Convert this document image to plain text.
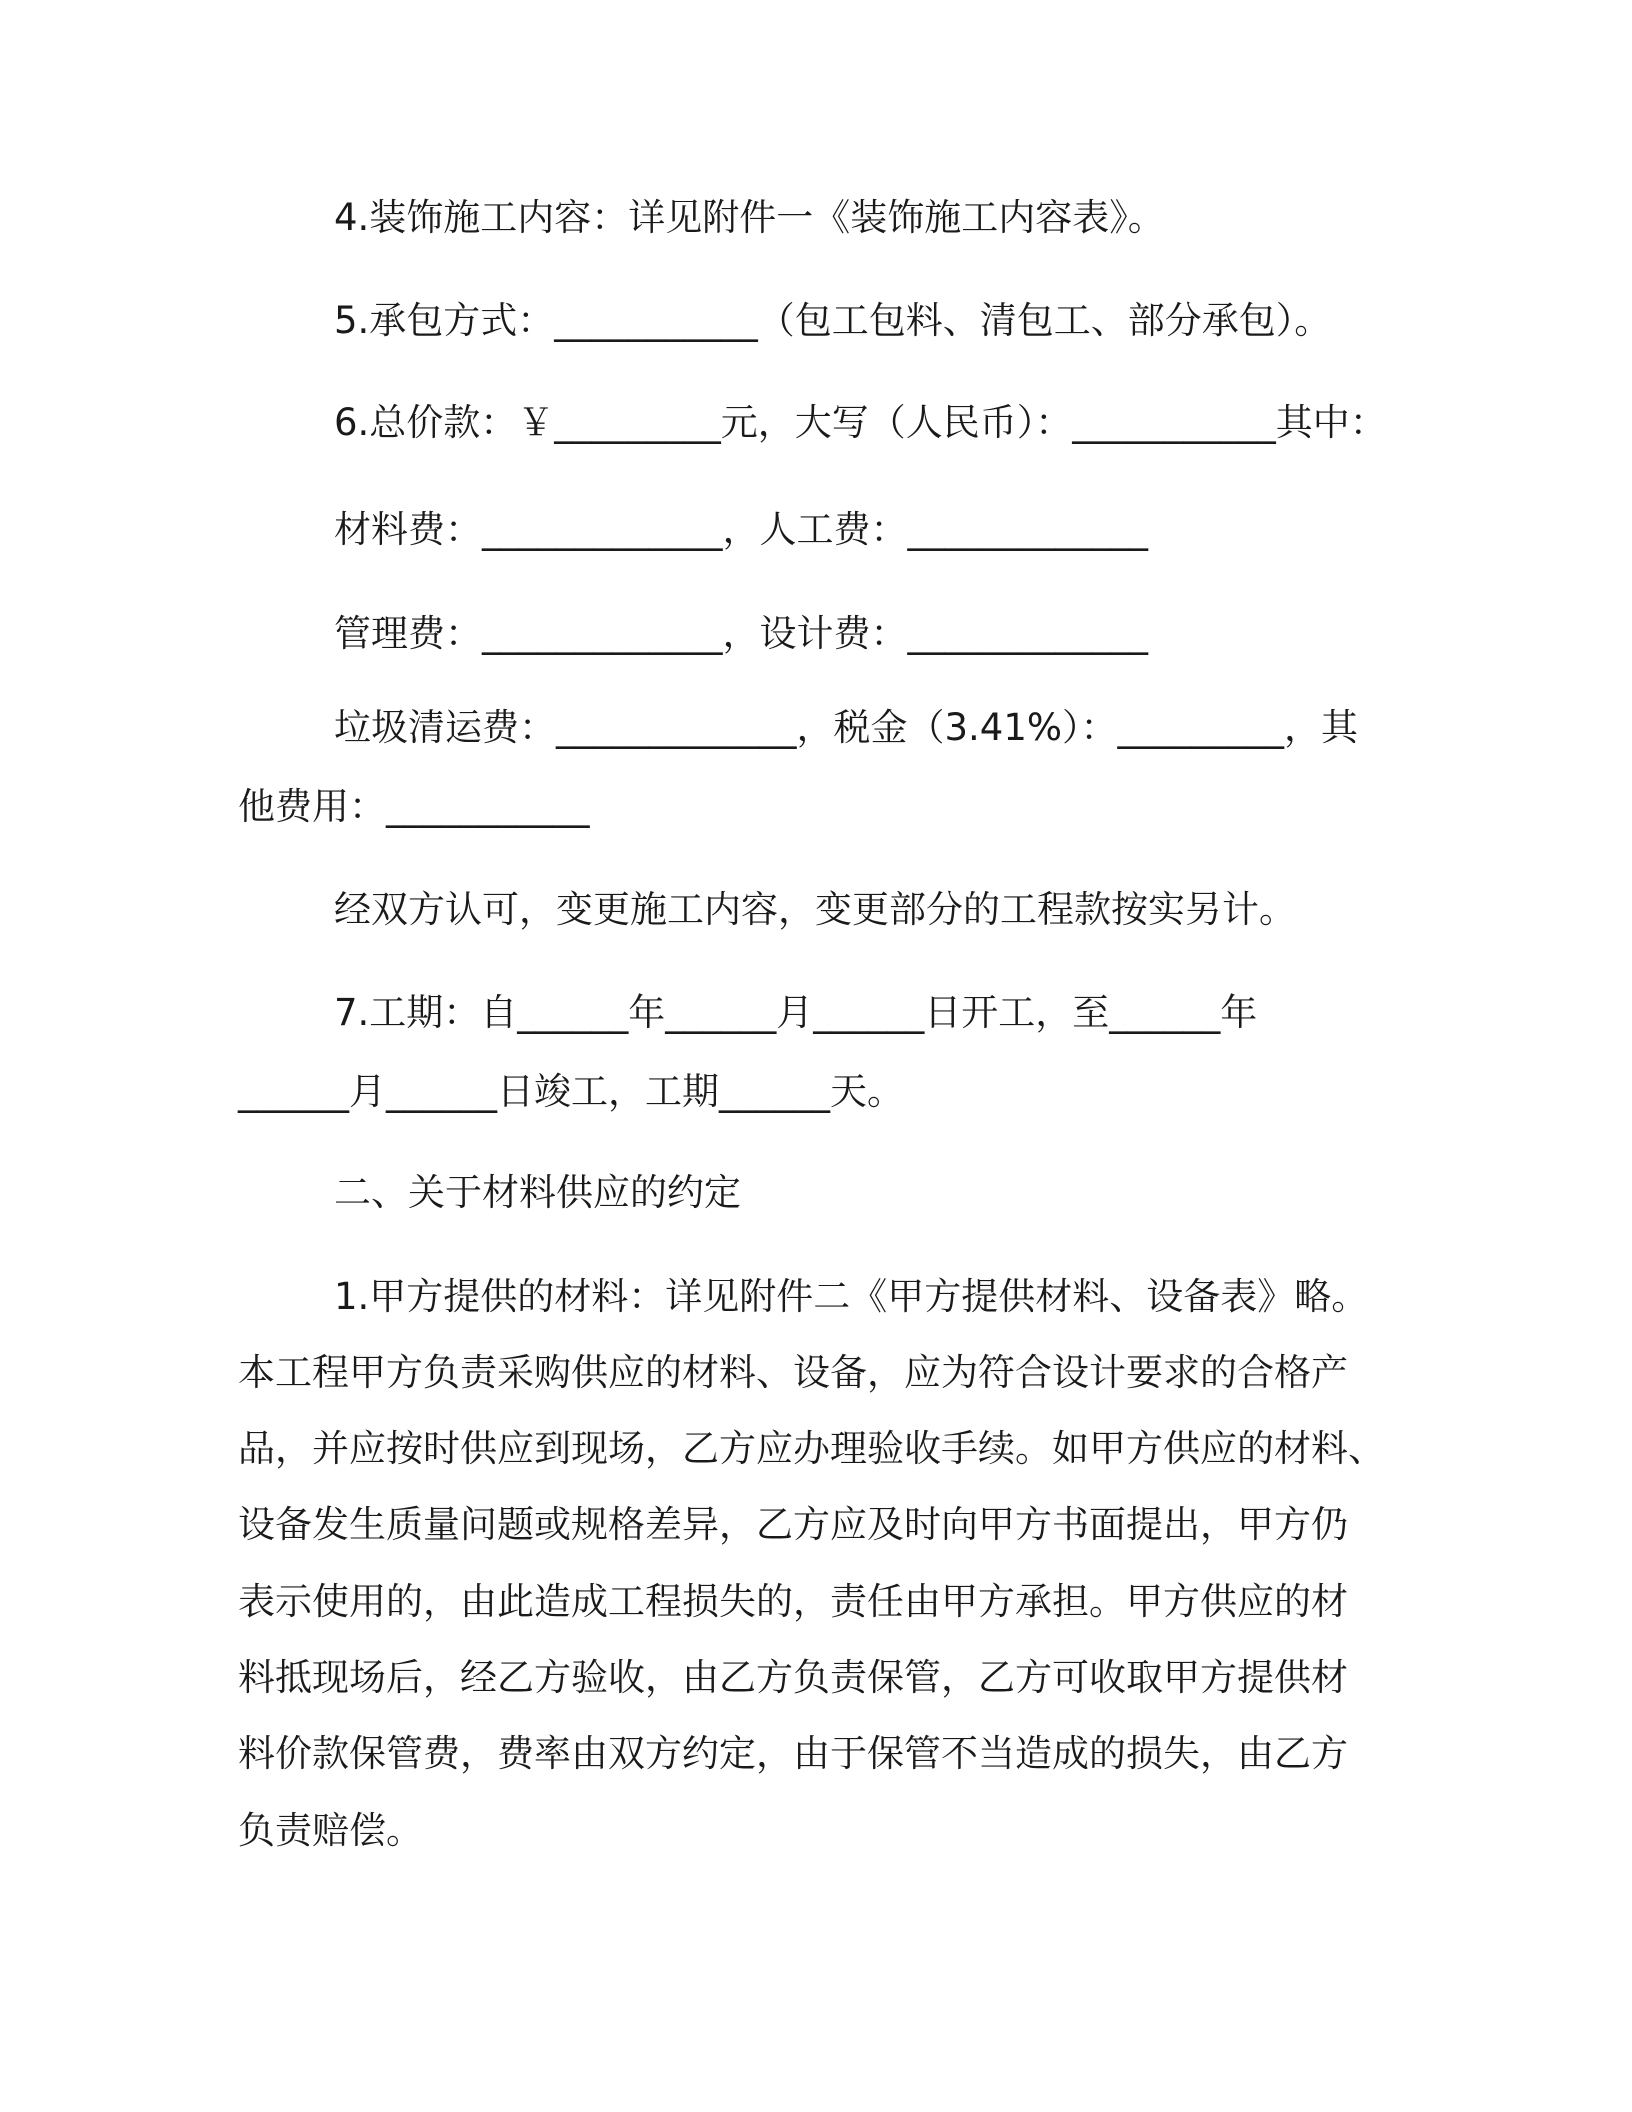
4.装饰施工内容：详见附件一《装饰施工内容表》。
5.承包方式：___________（包工包料、清包工、部分承包）。
6.总价款：￥_________元，大写（人民币）：___________其中：
材料费：_____________，人工费：_____________
管理费：_____________，设计费：_____________
垃圾清运费：_____________，税金（3.41%）：_________，其
他费用：___________
经双方认可，变更施工内容，变更部分的工程款按实另计。
7.工期：自______年______月______日开工，至______年
______月______日竣工，工期______天。
二、关于材料供应的约定
1.甲方提供的材料：详见附件二《甲方提供材料、设备表》略。
本工程甲方负责采购供应的材料、设备，应为符合设计要求的合格产
品，并应按时供应到现场，乙方应办理验收手续。如甲方供应的材料、
设备发生质量问题或规格差异，乙方应及时向甲方书面提出，甲方仍
表示使用的，由此造成工程损失的，责任由甲方承担。甲方供应的材
料抵现场后，经乙方验收，由乙方负责保管，乙方可收取甲方提供材
料价款保管费，费率由双方约定，由于保管不当造成的损失，由乙方
负责赔偿。
